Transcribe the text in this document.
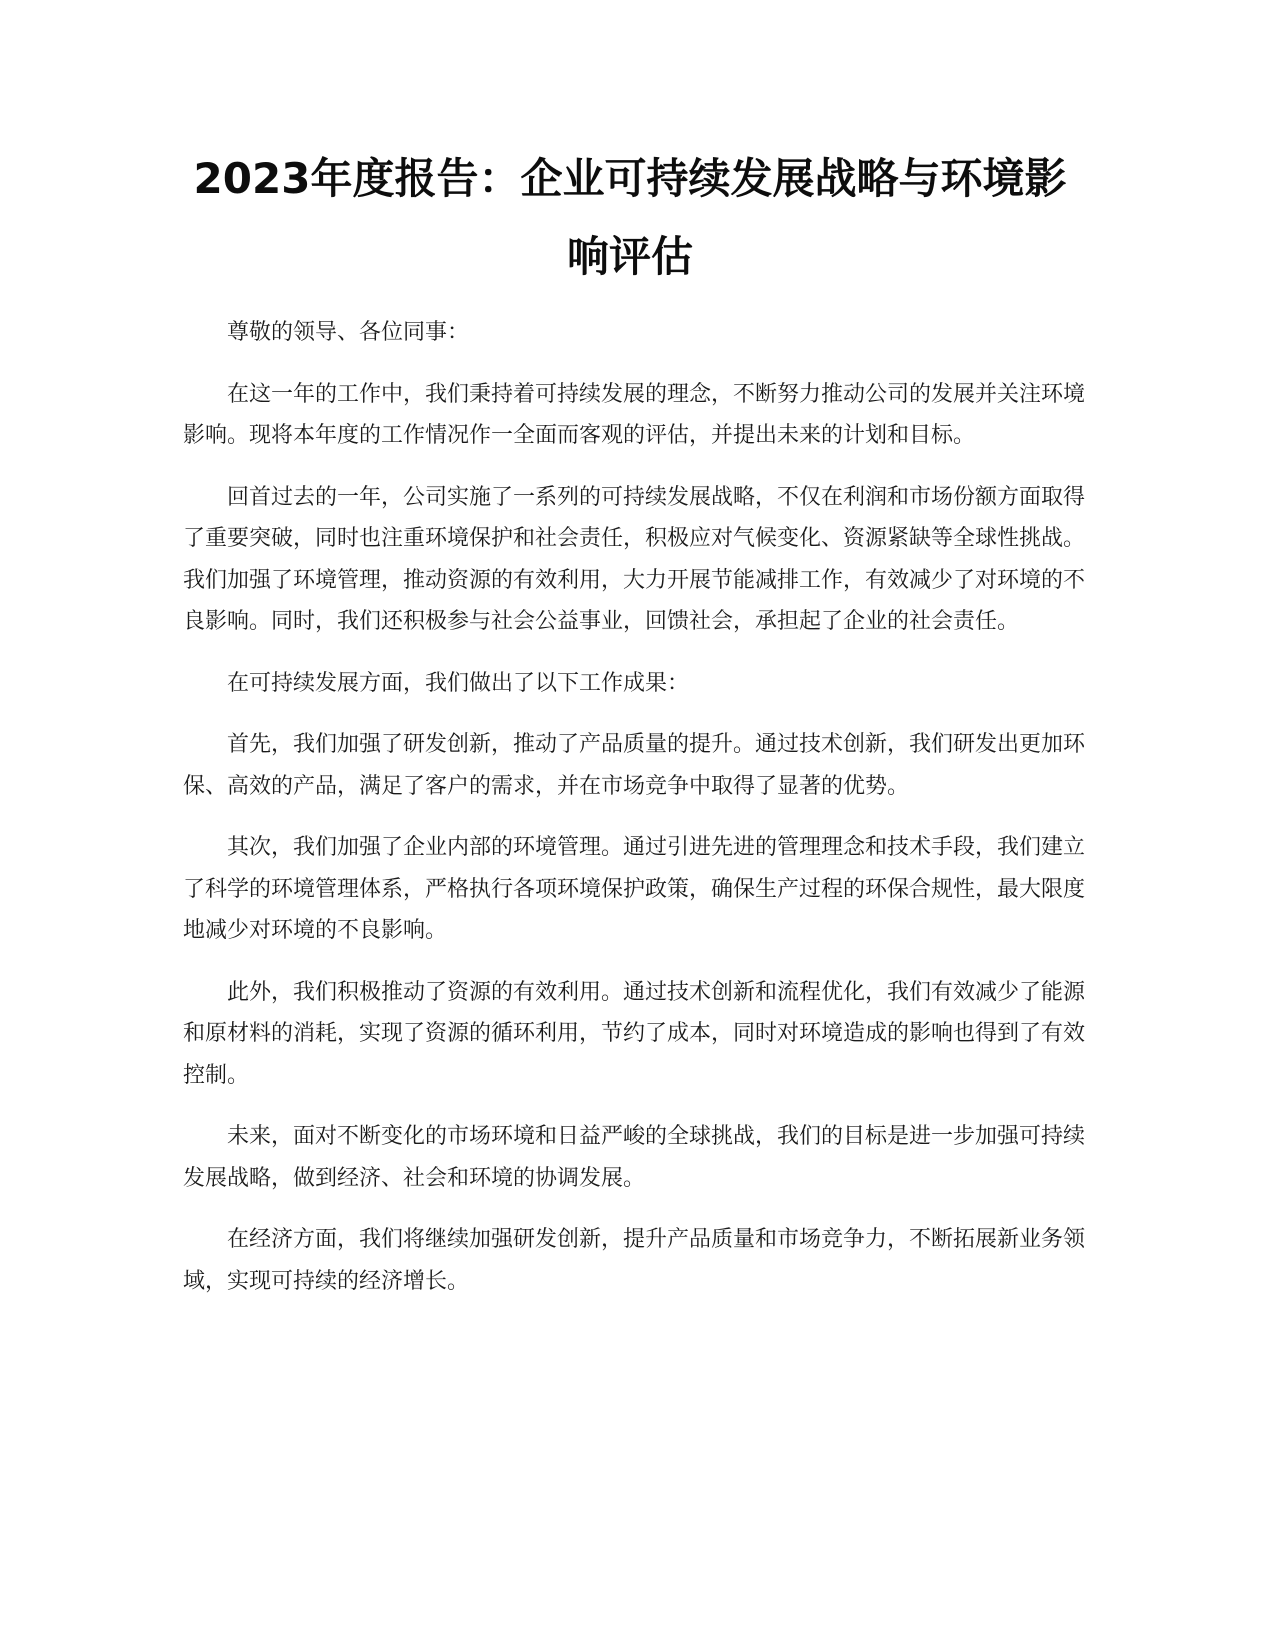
2023年度报告：企业可持续发展战略与环境影响评估

尊敬的领导、各位同事：

在这一年的工作中，我们秉持着可持续发展的理念，不断努力推动公司的发展并关注环境影响。现将本年度的工作情况作一全面而客观的评估，并提出未来的计划和目标。

回首过去的一年，公司实施了一系列的可持续发展战略，不仅在利润和市场份额方面取得了重要突破，同时也注重环境保护和社会责任，积极应对气候变化、资源紧缺等全球性挑战。我们加强了环境管理，推动资源的有效利用，大力开展节能减排工作，有效减少了对环境的不良影响。同时，我们还积极参与社会公益事业，回馈社会，承担起了企业的社会责任。

在可持续发展方面，我们做出了以下工作成果：

首先，我们加强了研发创新，推动了产品质量的提升。通过技术创新，我们研发出更加环保、高效的产品，满足了客户的需求，并在市场竞争中取得了显著的优势。

其次，我们加强了企业内部的环境管理。通过引进先进的管理理念和技术手段，我们建立了科学的环境管理体系，严格执行各项环境保护政策，确保生产过程的环保合规性，最大限度地减少对环境的不良影响。

此外，我们积极推动了资源的有效利用。通过技术创新和流程优化，我们有效减少了能源和原材料的消耗，实现了资源的循环利用，节约了成本，同时对环境造成的影响也得到了有效控制。

未来，面对不断变化的市场环境和日益严峻的全球挑战，我们的目标是进一步加强可持续发展战略，做到经济、社会和环境的协调发展。

在经济方面，我们将继续加强研发创新，提升产品质量和市场竞争力，不断拓展新业务领域，实现可持续的经济增长。
